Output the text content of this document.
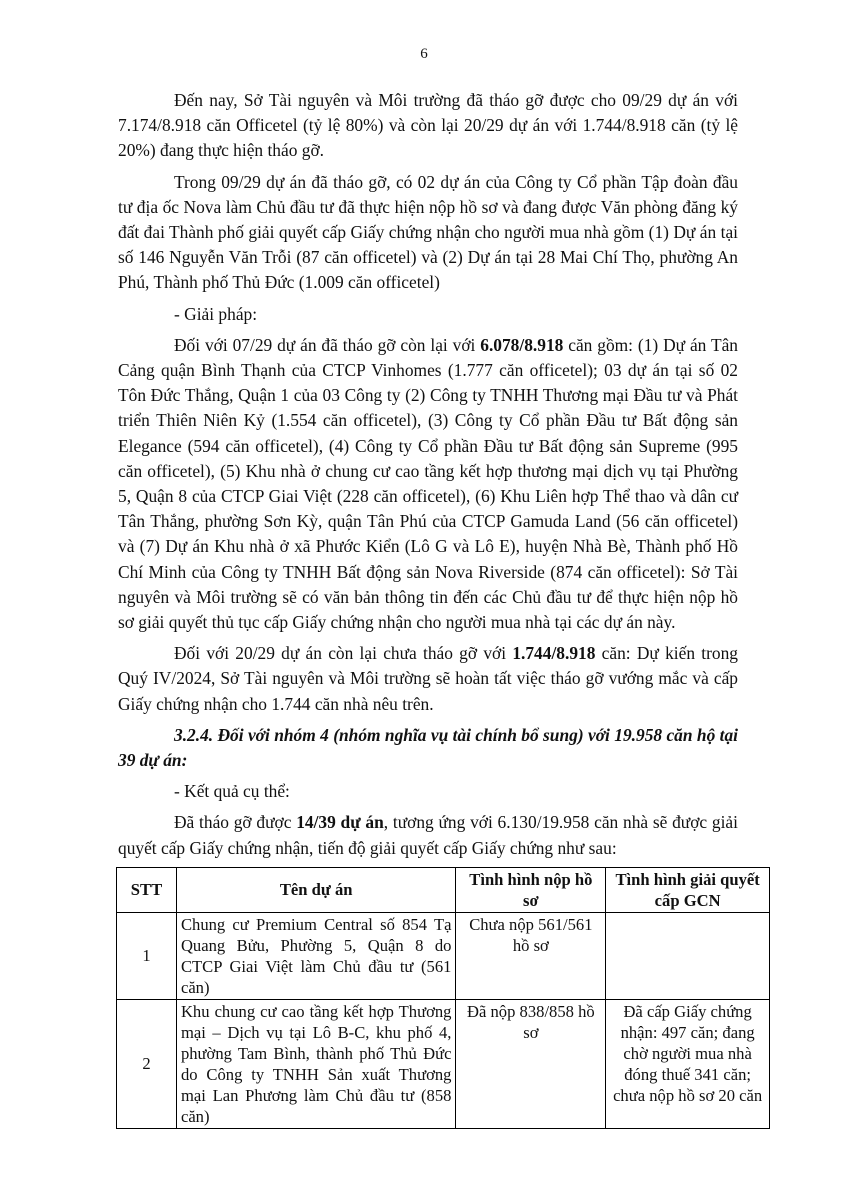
6

Đến nay, Sở Tài nguyên và Môi trường đã tháo gỡ được cho 09/29 dự án với 7.174/8.918 căn Officetel (tỷ lệ 80%) và còn lại 20/29 dự án với 1.744/8.918 căn (tỷ lệ 20%) đang thực hiện tháo gỡ.

Trong 09/29 dự án đã tháo gỡ, có 02 dự án của Công ty Cổ phần Tập đoàn đầu tư địa ốc Nova làm Chủ đầu tư đã thực hiện nộp hồ sơ và đang được Văn phòng đăng ký đất đai Thành phố giải quyết cấp Giấy chứng nhận cho người mua nhà gồm (1) Dự án tại số 146 Nguyễn Văn Trỗi (87 căn officetel) và (2) Dự án tại 28 Mai Chí Thọ, phường An Phú, Thành phố Thủ Đức (1.009 căn officetel)

- Giải pháp:

Đối với 07/29 dự án đã tháo gỡ còn lại với 6.078/8.918 căn gồm: (1) Dự án Tân Cảng quận Bình Thạnh của CTCP Vinhomes (1.777 căn officetel); 03 dự án tại số 02 Tôn Đức Thắng, Quận 1 của 03 Công ty (2) Công ty TNHH Thương mại Đầu tư và Phát triển Thiên Niên Kỷ (1.554 căn officetel), (3) Công ty Cổ phần Đầu tư Bất động sản Elegance (594 căn officetel), (4) Công ty Cổ phần Đầu tư Bất động sản Supreme (995 căn officetel), (5) Khu nhà ở chung cư cao tầng kết hợp thương mại dịch vụ tại Phường 5, Quận 8 của CTCP Giai Việt (228 căn officetel), (6) Khu Liên hợp Thể thao và dân cư Tân Thắng, phường Sơn Kỳ, quận Tân Phú của CTCP Gamuda Land (56 căn officetel) và (7) Dự án Khu nhà ở xã Phước Kiển (Lô G và Lô E), huyện Nhà Bè, Thành phố Hồ Chí Minh của Công ty TNHH Bất động sản Nova Riverside (874 căn officetel): Sở Tài nguyên và Môi trường sẽ có văn bản thông tin đến các Chủ đầu tư để thực hiện nộp hồ sơ giải quyết thủ tục cấp Giấy chứng nhận cho người mua nhà tại các dự án này.

Đối với 20/29 dự án còn lại chưa tháo gỡ với 1.744/8.918 căn: Dự kiến trong Quý IV/2024, Sở Tài nguyên và Môi trường sẽ hoàn tất việc tháo gỡ vướng mắc và cấp Giấy chứng nhận cho 1.744 căn nhà nêu trên.

3.2.4. Đối với nhóm 4 (nhóm nghĩa vụ tài chính bổ sung) với 19.958 căn hộ tại 39 dự án:

- Kết quả cụ thể:

Đã tháo gỡ được 14/39 dự án, tương ứng với 6.130/19.958 căn nhà sẽ được giải quyết cấp Giấy chứng nhận, tiến độ giải quyết cấp Giấy chứng như sau:

STT	Tên dự án	Tình hình nộp hồ sơ	Tình hình giải quyết cấp GCN
1	Chung cư Premium Central số 854 Tạ Quang Bửu, Phường 5, Quận 8 do CTCP Giai Việt làm Chủ đầu tư (561 căn)	Chưa nộp 561/561 hồ sơ	
2	Khu chung cư cao tầng kết hợp Thương mại – Dịch vụ tại Lô B-C, khu phố 4, phường Tam Bình, thành phố Thủ Đức do Công ty TNHH Sản xuất Thương mại Lan Phương làm Chủ đầu tư (858 căn)	Đã nộp 838/858 hồ sơ	Đã cấp Giấy chứng nhận: 497 căn; đang chờ người mua nhà đóng thuế 341 căn; chưa nộp hồ sơ 20 căn
